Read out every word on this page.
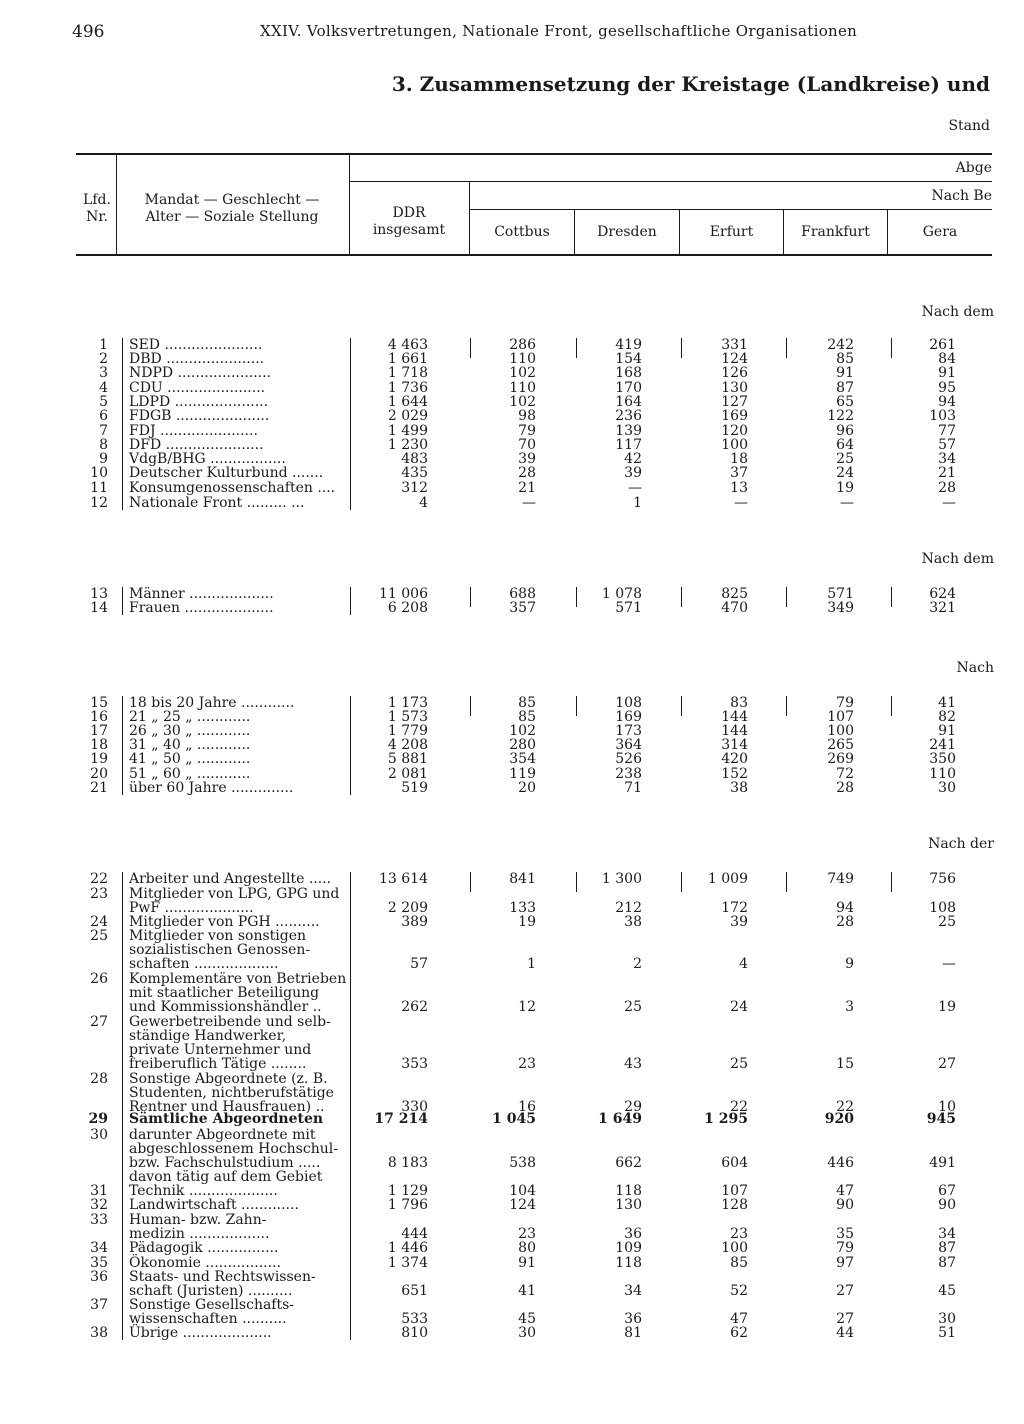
496	XXIV. Volksvertretungen, Nationale Front, gesellschaftliche Organisationen
3. Zusammensetzung der Kreistage (Landkreise) und
Stand
Lfd.
Nr.
Mandat — Geschlecht —
Alter — Soziale Stellung	DDR
insgesamt
Abge
Nach Be
Cottbus	Dresden	Erfurt	Frankfurt	Gera
Nach dem
Nach dem
Nach
Nach der
1 SED ......................	4 463	286	419	331	242	261
2 DBD ......................	1 661	110	154	124	85	84
3 NDPD .....................	1 718	102	168	126	91	91
4 CDU ......................	1 736	110	170	130	87	95
5 LDPD .....................	1 644	102	164	127	65	94
6 FDGB .....................	2 029	98	236	169	122	103
7 FDJ ......................	1 499	79	139	120	96	77
8 DFD ......................	1 230	70	117	100	64	57
9 VdgB/BHG .................	483	39	42	18	25	34
10 Deutscher Kulturbund .......	435	28	39	37	24	21
11 Konsumgenossenschaften ....	312	21	—	13	19	28
12 Nationale Front ......... ...	4	—	1	—	—	—
13 Männer ...................	11 006	688	1 078	825	571	624
14 Frauen ....................	6 208	357	571	470	349	321
15 18 bis 20 Jahre ............	1 173	85	108	83	79	41
16 21 „ 25 „ ............	1 573	85	169	144	107	82
17 26 „ 30 „ ............	1 779	102	173	144	100	91
18 31 „ 40 „ ............	4 208	280	364	314	265	241
19 41 „ 50 „ ............	5 881	354	526	420	269	350
20 51 „ 60 „ ............	2 081	119	238	152	72	110
21 über 60 Jahre ..............	519	20	71	38	28	30
22 Arbeiter und Angestellte .....	13 614	841	1 300	1 009	749	756
23 Mitglieder von LPG, GPG und
PwF ....................	2 209	133	212	172	94	108
24 Mitglieder von PGH ..........	389	19	38	39	28	25
25 Mitglieder von sonstigen
sozialistischen Genossen-
schaften ...................	57	1	2	4	9	—
26 Komplementäre von Betrieben
mit staatlicher Beteiligung
und Kommissionshändler ..	262	12	25	24	3	19
27 Gewerbetreibende und selb-
ständige Handwerker,
private Unternehmer und
freiberuflich Tätige ........	353	23	43	25	15	27
28 Sonstige Abgeordnete (z. B.
Studenten, nichtberufstätige
Rentner und Hausfrauen) ..	330	16	29	22	22	10
29 Sämtliche Abgeordneten	17 214	1 045	1 649	1 295	920	945
30 darunter Abgeordnete mit
abgeschlossenem Hochschul-
bzw. Fachschulstudium .....	8 183	538	662	604	446	491
davon tätig auf dem Gebiet
31 Technik ....................	1 129	104	118	107	47	67
32 Landwirtschaft .............	1 796	124	130	128	90	90
33 Human- bzw. Zahn-
medizin ..................	444	23	36	23	35	34
34 Pädagogik ................	1 446	80	109	100	79	87
35 Ökonomie .................	1 374	91	118	85	97	87
36 Staats- und Rechtswissen-
schaft (Juristen) ..........	651	41	34	52	27	45
37 Sonstige Gesellschafts-
wissenschaften ..........	533	45	36	47	27	30
38 Übrige ....................	810	30	81	62	44	51
